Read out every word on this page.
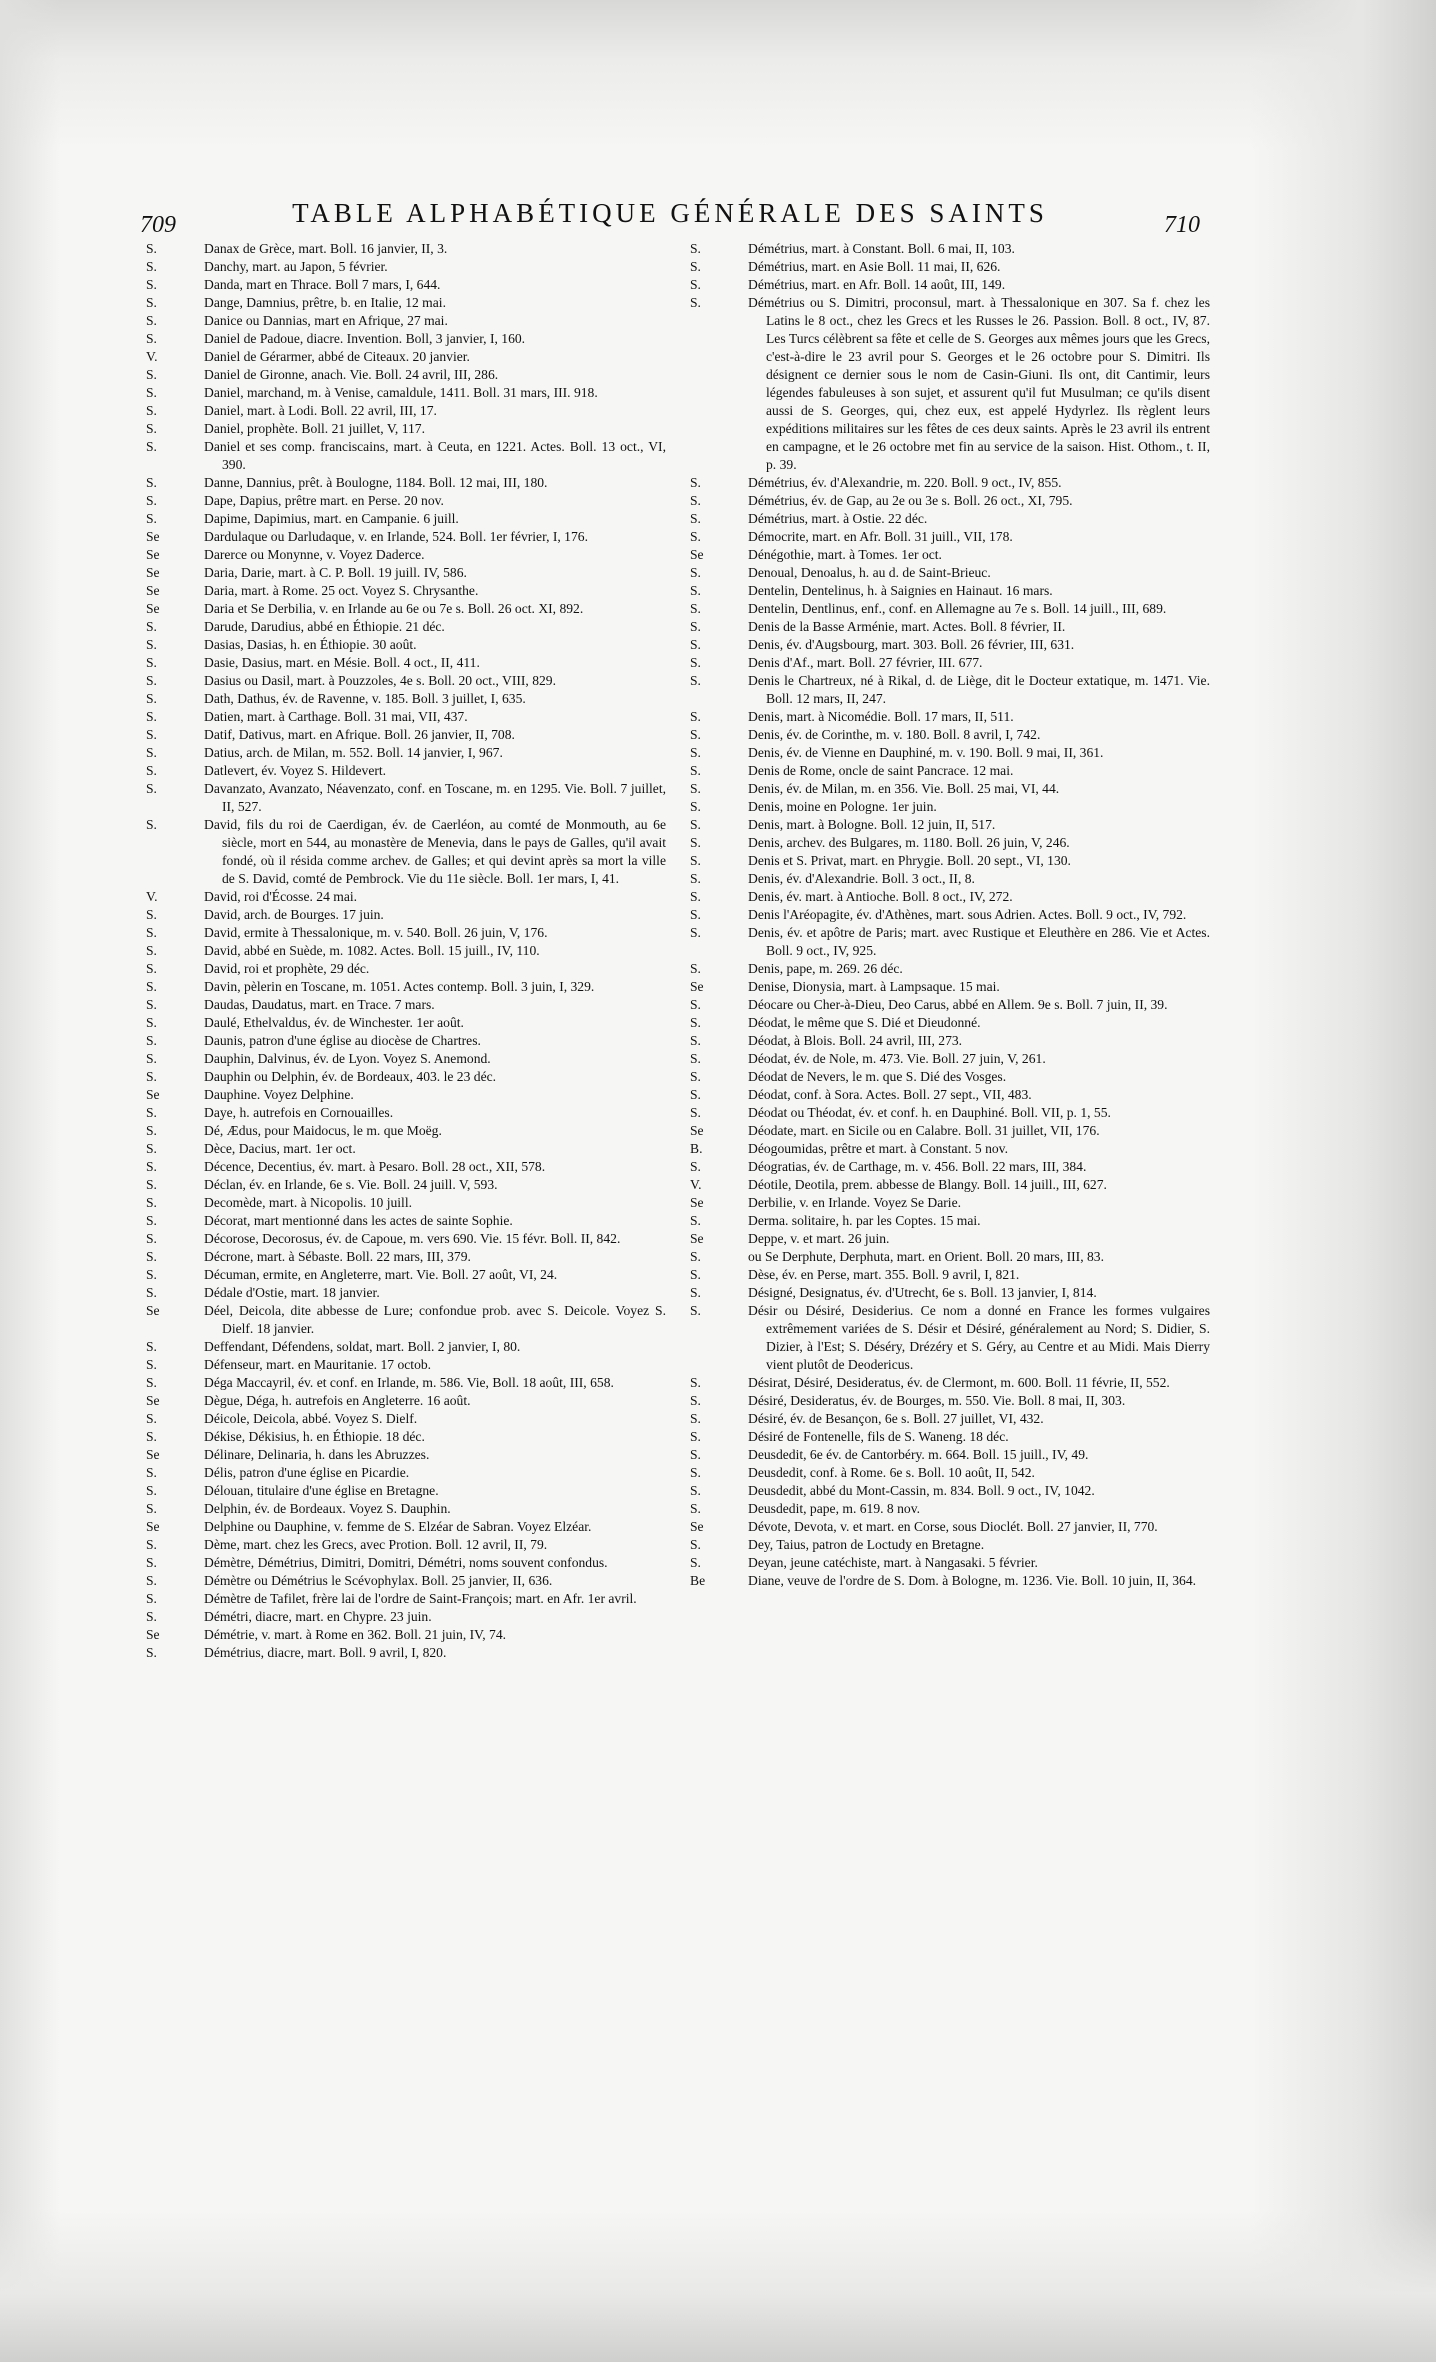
709	TABLE ALPHABÉTIQUE GÉNÉRALE DES SAINTS	710
S.	Danax de Grèce, mart. Boll. 16 janvier, II, 3.
S.	Danchy, mart. au Japon, 5 février.
S.	Danda, mart en Thrace. Boll 7 mars, I, 644.
S.	Dange, Damnius, prêtre, b. en Italie, 12 mai.
S.	Danice ou Dannias, mart en Afrique, 27 mai.
S.	Daniel de Padoue, diacre. Invention. Boll, 3 janvier, I, 160.
V.	Daniel de Gérarmer, abbé de Citeaux. 20 janvier.
S.	Daniel de Gironne, anach. Vie. Boll. 24 avril, III, 286.
S.	Daniel, marchand, m. à Venise, camaldule, 1411. Boll. 31 mars, III. 918.
S.	Daniel, mart. à Lodi. Boll. 22 avril, III, 17.
S.	Daniel, prophète. Boll. 21 juillet, V, 117.
S.	Daniel et ses comp. franciscains, mart. à Ceuta, en 1221. Actes. Boll. 13 oct., VI, 390.
S.	Danne, Dannius, prêt. à Boulogne, 1184. Boll. 12 mai, III, 180.
S.	Dape, Dapius, prêtre mart. en Perse. 20 nov.
S.	Dapime, Dapimius, mart. en Campanie. 6 juill.
Se	Dardulaque ou Darludaque, v. en Irlande, 524. Boll. 1er février, I, 176.
Se	Darerce ou Monynne, v. Voyez Daderce.
Se	Daria, Darie, mart. à C. P. Boll. 19 juill. IV, 586.
Se	Daria, mart. à Rome. 25 oct. Voyez S. Chrysanthe.
Se	Daria et Se Derbilia, v. en Irlande au 6e ou 7e s. Boll. 26 oct. XI, 892.
S.	Darude, Darudius, abbé en Éthiopie. 21 déc.
S.	Dasias, Dasias, h. en Éthiopie. 30 août.
S.	Dasie, Dasius, mart. en Mésie. Boll. 4 oct., II, 411.
S.	Dasius ou Dasil, mart. à Pouzzoles, 4e s. Boll. 20 oct., VIII, 829.
S.	Dath, Dathus, év. de Ravenne, v. 185. Boll. 3 juillet, I, 635.
S.	Datien, mart. à Carthage. Boll. 31 mai, VII, 437.
S.	Datif, Dativus, mart. en Afrique. Boll. 26 janvier, II, 708.
S.	Datius, arch. de Milan, m. 552. Boll. 14 janvier, I, 967.
S.	Datlevert, év. Voyez S. Hildevert.
S.	Davanzato, Avanzato, Néavenzato, conf. en Toscane, m. en 1295. Vie. Boll. 7 juillet, II, 527.
S.	David, fils du roi de Caerdigan, év. de Caerléon, au comté de Monmouth, au 6e siècle, mort en 544, au monastère de Menevia, dans le pays de Galles, qu'il avait fondé, où il résida comme archev. de Galles; et qui devint après sa mort la ville de S. David, comté de Pembrock. Vie du 11e siècle. Boll. 1er mars, I, 41.
V.	David, roi d'Écosse. 24 mai.
S.	David, arch. de Bourges. 17 juin.
S.	David, ermite à Thessalonique, m. v. 540. Boll. 26 juin, V, 176.
S.	David, abbé en Suède, m. 1082. Actes. Boll. 15 juill., IV, 110.
S.	David, roi et prophète, 29 déc.
S.	Davin, pèlerin en Toscane, m. 1051. Actes contemp. Boll. 3 juin, I, 329.
S.	Daudas, Daudatus, mart. en Trace. 7 mars.
S.	Daulé, Ethelvaldus, év. de Winchester. 1er août.
S.	Daunis, patron d'une église au diocèse de Chartres.
S.	Dauphin, Dalvinus, év. de Lyon. Voyez S. Anemond.
S.	Dauphin ou Delphin, év. de Bordeaux, 403. le 23 déc.
Se	Dauphine. Voyez Delphine.
S.	Daye, h. autrefois en Cornouailles.
S.	Dé, Ædus, pour Maidocus, le m. que Moëg.
S.	Dèce, Dacius, mart. 1er oct.
S.	Décence, Decentius, év. mart. à Pesaro. Boll. 28 oct., XII, 578.
S.	Déclan, év. en Irlande, 6e s. Vie. Boll. 24 juill. V, 593.
S.	Decomède, mart. à Nicopolis. 10 juill.
S.	Décorat, mart mentionné dans les actes de sainte Sophie.
S.	Décorose, Decorosus, év. de Capoue, m. vers 690. Vie. 15 févr. Boll. II, 842.
S.	Décrone, mart. à Sébaste. Boll. 22 mars, III, 379.
S.	Décuman, ermite, en Angleterre, mart. Vie. Boll. 27 août, VI, 24.
S.	Dédale d'Ostie, mart. 18 janvier.
Se	Déel, Deicola, dite abbesse de Lure; confondue prob. avec S. Deicole. Voyez S. Dielf. 18 janvier.
S.	Deffendant, Défendens, soldat, mart. Boll. 2 janvier, I, 80.
S.	Défenseur, mart. en Mauritanie. 17 octob.
S.	Déga Maccayril, év. et conf. en Irlande, m. 586. Vie, Boll. 18 août, III, 658.
Se	Dègue, Déga, h. autrefois en Angleterre. 16 août.
S.	Déicole, Deicola, abbé. Voyez S. Dielf.
S.	Dékise, Dékisius, h. en Éthiopie. 18 déc.
Se	Délinare, Delinaria, h. dans les Abruzzes.
S.	Délis, patron d'une église en Picardie.
S.	Délouan, titulaire d'une église en Bretagne.
S.	Delphin, év. de Bordeaux. Voyez S. Dauphin.
Se	Delphine ou Dauphine, v. femme de S. Elzéar de Sabran. Voyez Elzéar.
S.	Dème, mart. chez les Grecs, avec Protion. Boll. 12 avril, II, 79.
S.	Démètre, Démétrius, Dimitri, Domitri, Démétri, noms souvent confondus.
S.	Démètre ou Démétrius le Scévophylax. Boll. 25 janvier, II, 636.
S.	Démètre de Tafilet, frère lai de l'ordre de Saint-François; mart. en Afr. 1er avril.
S.	Démétri, diacre, mart. en Chypre. 23 juin.
Se	Démétrie, v. mart. à Rome en 362. Boll. 21 juin, IV, 74.
S.	Démétrius, diacre, mart. Boll. 9 avril, I, 820.
S.	Démétrius, mart. à Constant. Boll. 6 mai, II, 103.
S.	Démétrius, mart. en Asie Boll. 11 mai, II, 626.
S.	Démétrius, mart. en Afr. Boll. 14 août, III, 149.
S.	Démétrius ou S. Dimitri, proconsul, mart. à Thessalonique en 307. Sa f. chez les Latins le 8 oct., chez les Grecs et les Russes le 26. Passion. Boll. 8 oct., IV, 87. Les Turcs célèbrent sa fête et celle de S. Georges aux mêmes jours que les Grecs, c'est-à-dire le 23 avril pour S. Georges et le 26 octobre pour S. Dimitri. Ils désignent ce dernier sous le nom de Casin-Giuni. Ils ont, dit Cantimir, leurs légendes fabuleuses à son sujet, et assurent qu'il fut Musulman; ce qu'ils disent aussi de S. Georges, qui, chez eux, est appelé Hydyrlez. Ils règlent leurs expéditions militaires sur les fêtes de ces deux saints. Après le 23 avril ils entrent en campagne, et le 26 octobre met fin au service de la saison. Hist. Othom., t. II, p. 39.
S.	Démétrius, év. d'Alexandrie, m. 220. Boll. 9 oct., IV, 855.
S.	Démétrius, év. de Gap, au 2e ou 3e s. Boll. 26 oct., XI, 795.
S.	Démétrius, mart. à Ostie. 22 déc.
S.	Démocrite, mart. en Afr. Boll. 31 juill., VII, 178.
Se	Dénégothie, mart. à Tomes. 1er oct.
S.	Denoual, Denoalus, h. au d. de Saint-Brieuc.
S.	Dentelin, Dentelinus, h. à Saignies en Hainaut. 16 mars.
S.	Dentelin, Dentlinus, enf., conf. en Allemagne au 7e s. Boll. 14 juill., III, 689.
S.	Denis de la Basse Arménie, mart. Actes. Boll. 8 février, II.
S.	Denis, év. d'Augsbourg, mart. 303. Boll. 26 février, III, 631.
S.	Denis d'Af., mart. Boll. 27 février, III. 677.
S.	Denis le Chartreux, né à Rikal, d. de Liège, dit le Docteur extatique, m. 1471. Vie. Boll. 12 mars, II, 247.
S.	Denis, mart. à Nicomédie. Boll. 17 mars, II, 511.
S.	Denis, év. de Corinthe, m. v. 180. Boll. 8 avril, I, 742.
S.	Denis, év. de Vienne en Dauphiné, m. v. 190. Boll. 9 mai, II, 361.
S.	Denis de Rome, oncle de saint Pancrace. 12 mai.
S.	Denis, év. de Milan, m. en 356. Vie. Boll. 25 mai, VI, 44.
S.	Denis, moine en Pologne. 1er juin.
S.	Denis, mart. à Bologne. Boll. 12 juin, II, 517.
S.	Denis, archev. des Bulgares, m. 1180. Boll. 26 juin, V, 246.
S.	Denis et S. Privat, mart. en Phrygie. Boll. 20 sept., VI, 130.
S.	Denis, év. d'Alexandrie. Boll. 3 oct., II, 8.
S.	Denis, év. mart. à Antioche. Boll. 8 oct., IV, 272.
S.	Denis l'Aréopagite, év. d'Athènes, mart. sous Adrien. Actes. Boll. 9 oct., IV, 792.
S.	Denis, év. et apôtre de Paris; mart. avec Rustique et Eleuthère en 286. Vie et Actes. Boll. 9 oct., IV, 925.
S.	Denis, pape, m. 269. 26 déc.
Se	Denise, Dionysia, mart. à Lampsaque. 15 mai.
S.	Déocare ou Cher-à-Dieu, Deo Carus, abbé en Allem. 9e s. Boll. 7 juin, II, 39.
S.	Déodat, le même que S. Dié et Dieudonné.
S.	Déodat, à Blois. Boll. 24 avril, III, 273.
S.	Déodat, év. de Nole, m. 473. Vie. Boll. 27 juin, V, 261.
S.	Déodat de Nevers, le m. que S. Dié des Vosges.
S.	Déodat, conf. à Sora. Actes. Boll. 27 sept., VII, 483.
S.	Déodat ou Théodat, év. et conf. h. en Dauphiné. Boll. VII, p. 1, 55.
Se	Déodate, mart. en Sicile ou en Calabre. Boll. 31 juillet, VII, 176.
B.	Déogoumidas, prêtre et mart. à Constant. 5 nov.
S.	Déogratias, év. de Carthage, m. v. 456. Boll. 22 mars, III, 384.
V.	Déotile, Deotila, prem. abbesse de Blangy. Boll. 14 juill., III, 627.
Se	Derbilie, v. en Irlande. Voyez Se Darie.
S.	Derma. solitaire, h. par les Coptes. 15 mai.
Se	Deppe, v. et mart. 26 juin.
S.	ou Se Derphute, Derphuta, mart. en Orient. Boll. 20 mars, III, 83.
S.	Dèse, év. en Perse, mart. 355. Boll. 9 avril, I, 821.
S.	Désigné, Designatus, év. d'Utrecht, 6e s. Boll. 13 janvier, I, 814.
S.	Désir ou Désiré, Desiderius. Ce nom a donné en France les formes vulgaires extrêmement variées de S. Désir et Désiré, généralement au Nord; S. Didier, S. Dizier, à l'Est; S. Déséry, Drézéry et S. Géry, au Centre et au Midi. Mais Dierry vient plutôt de Deodericus.
S.	Désirat, Désiré, Desideratus, év. de Clermont, m. 600. Boll. 11 févrie, II, 552.
S.	Désiré, Desideratus, év. de Bourges, m. 550. Vie. Boll. 8 mai, II, 303.
S.	Désiré, év. de Besançon, 6e s. Boll. 27 juillet, VI, 432.
S.	Désiré de Fontenelle, fils de S. Waneng. 18 déc.
S.	Deusdedit, 6e év. de Cantorbéry. m. 664. Boll. 15 juill., IV, 49.
S.	Deusdedit, conf. à Rome. 6e s. Boll. 10 août, II, 542.
S.	Deusdedit, abbé du Mont-Cassin, m. 834. Boll. 9 oct., IV, 1042.
S.	Deusdedit, pape, m. 619. 8 nov.
Se	Dévote, Devota, v. et mart. en Corse, sous Dioclét. Boll. 27 janvier, II, 770.
S.	Dey, Taius, patron de Loctudy en Bretagne.
S.	Deyan, jeune catéchiste, mart. à Nangasaki. 5 février.
Be	Diane, veuve de l'ordre de S. Dom. à Bologne, m. 1236. Vie. Boll. 10 juin, II, 364.
